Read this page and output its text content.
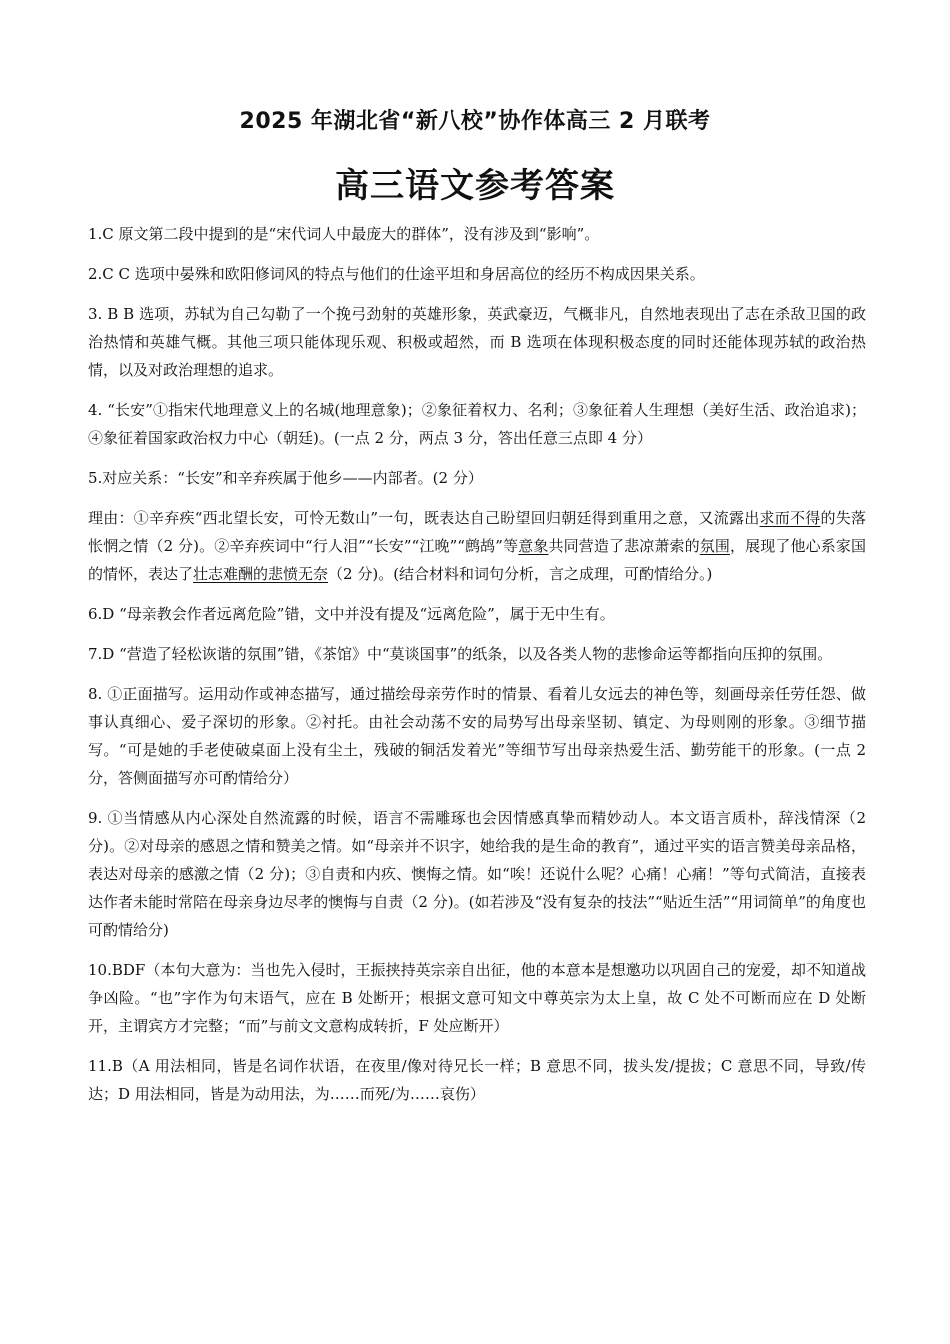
2025 年湖北省“新八校”协作体高三 2 月联考
高三语文参考答案

1.C 原文第二段中提到的是“宋代词人中最庞大的群体”，没有涉及到“影响”。

2.C C 选项中晏殊和欧阳修词风的特点与他们的仕途平坦和身居高位的经历不构成因果关系。

3. B B 选项，苏轼为自己勾勒了一个挽弓劲射的英雄形象，英武豪迈，气概非凡，自然地表现出了志在杀敌卫国的政治热情和英雄气概。其他三项只能体现乐观、积极或超然，而 B 选项在体现积极态度的同时还能体现苏轼的政治热情，以及对政治理想的追求。

4. “长安”①指宋代地理意义上的名城(地理意象)；②象征着权力、名利；③象征着人生理想（美好生活、政治追求)；④象征着国家政治权力中心（朝廷)。(一点 2 分，两点 3 分，答出任意三点即 4 分）

5.对应关系：“长安”和辛弃疾属于他乡——内部者。(2 分）

理由：①辛弃疾“西北望长安，可怜无数山”一句，既表达自己盼望回归朝廷得到重用之意，又流露出求而不得的失落怅惘之情（2 分)。②辛弃疾词中“行人泪”“长安”“江晚”“鹧鸪”等意象共同营造了悲凉萧索的氛围，展现了他心系家国的情怀，表达了壮志难酬的悲愤无奈（2 分)。(结合材料和词句分析，言之成理，可酌情给分。)

6.D “母亲教会作者远离危险”错，文中并没有提及“远离危险”，属于无中生有。

7.D “营造了轻松诙谐的氛围”错，《茶馆》中“莫谈国事”的纸条，以及各类人物的悲惨命运等都指向压抑的氛围。

8. ①正面描写。运用动作或神态描写，通过描绘母亲劳作时的情景、看着儿女远去的神色等，刻画母亲任劳任怨、做事认真细心、爱子深切的形象。②衬托。由社会动荡不安的局势写出母亲坚韧、镇定、为母则刚的形象。③细节描写。“可是她的手老使破桌面上没有尘土，残破的铜活发着光”等细节写出母亲热爱生活、勤劳能干的形象。(一点 2 分，答侧面描写亦可酌情给分）

9. ①当情感从内心深处自然流露的时候，语言不需雕琢也会因情感真挚而精妙动人。本文语言质朴，辞浅情深（2 分)。②对母亲的感恩之情和赞美之情。如“母亲并不识字，她给我的是生命的教育”，通过平实的语言赞美母亲品格，表达对母亲的感激之情（2 分)；③自责和内疚、懊悔之情。如“唉！还说什么呢？心痛！心痛！”等句式简洁，直接表达作者未能时常陪在母亲身边尽孝的懊悔与自责（2 分)。(如若涉及“没有复杂的技法”“贴近生活”“用词简单”的角度也可酌情给分)

10.BDF（本句大意为：当也先入侵时，王振挟持英宗亲自出征，他的本意本是想邀功以巩固自己的宠爱，却不知道战争凶险。“也”字作为句末语气，应在 B 处断开；根据文意可知文中尊英宗为太上皇，故 C 处不可断而应在 D 处断开，主谓宾方才完整；“而”与前文文意构成转折，F 处应断开）

11.B（A 用法相同，皆是名词作状语，在夜里/像对待兄长一样；B 意思不同，拔头发/提拔；C 意思不同，导致/传达；D 用法相同，皆是为动用法，为……而死/为……哀伤）
